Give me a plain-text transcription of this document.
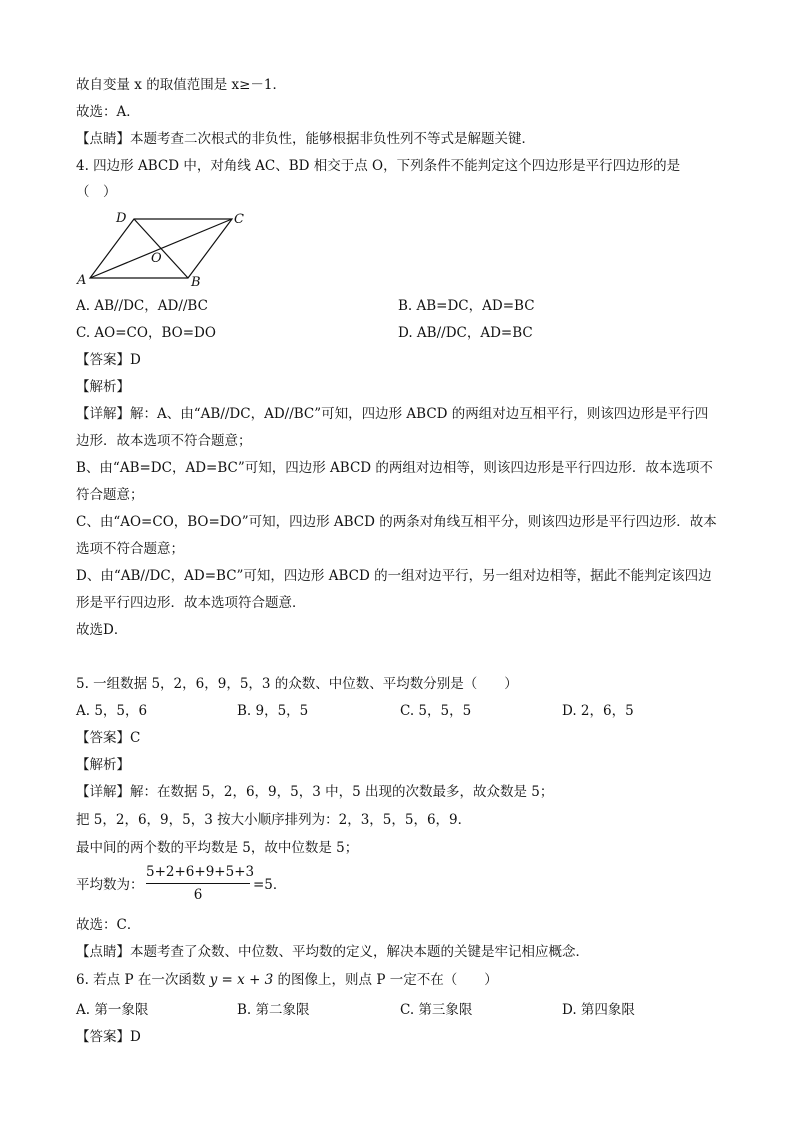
故自变量 x 的取值范围是 x≥－1．
故选：A．
【点睛】本题考查二次根式的非负性，能够根据非负性列不等式是解题关键．
4. 四边形 ABCD 中，对角线 AC、BD 相交于点 O，下列条件不能判定这个四边形是平行四边形的是
（　）
A	B
C
D
O
A. AB//DC，AD//BC	B. AB=DC，AD=BC
C. AO=CO，BO=DO	D. AB//DC，AD=BC
【答案】D
【解析】
【详解】解：A、由“AB//DC，AD//BC”可知，四边形 ABCD 的两组对边互相平行，则该四边形是平行四
边形．故本选项不符合题意；
B、由“AB=DC，AD=BC”可知，四边形 ABCD 的两组对边相等，则该四边形是平行四边形．故本选项不
符合题意；
C、由“AO=CO，BO=DO”可知，四边形 ABCD 的两条对角线互相平分，则该四边形是平行四边形．故本
选项不符合题意；
D、由“AB//DC，AD=BC”可知，四边形 ABCD 的一组对边平行，另一组对边相等，据此不能判定该四边
形是平行四边形．故本选项符合题意．
故选D．
5. 一组数据 5，2，6，9，5，3 的众数、中位数、平均数分别是（　　）
A. 5，5，6	B. 9，5，5	C. 5，5，5	D. 2，6，5
【答案】C
【解析】
【详解】解：在数据 5，2，6，9，5，3 中，5 出现的次数最多，故众数是 5；
把 5，2，6，9，5，3 按大小顺序排列为：2，3，5，5，6，9．
最中间的两个数的平均数是 5，故中位数是 5；
平均数为： $\frac{5+2+6+9+5+3}{6} =5$．
故选：C．
【点睛】本题考查了众数、中位数、平均数的定义，解决本题的关键是牢记相应概念．
6. 若点 P 在一次函数 y = x + 3 的图像上，则点 P 一定不在（　　）
A. 第一象限	B. 第二象限	C. 第三象限	D. 第四象限
【答案】D
